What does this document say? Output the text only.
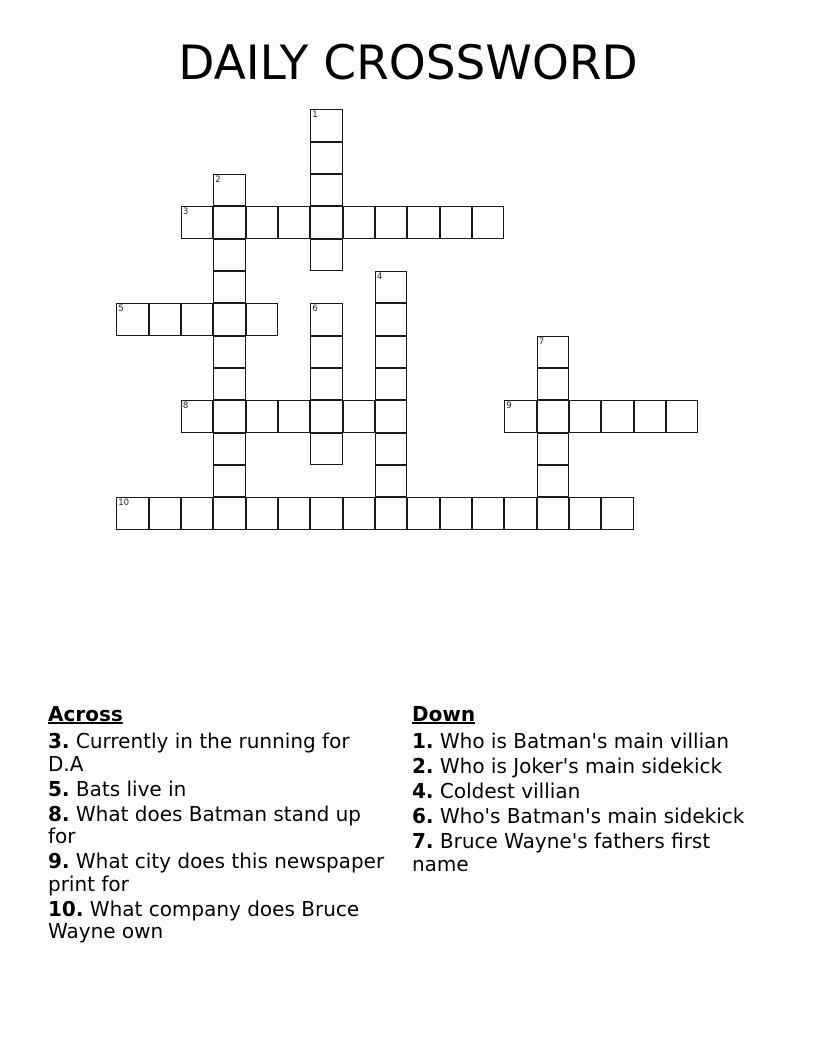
DAILY CROSSWORD
1
2
3
4
5	6
7
8	9
10
Across
3. Currently in the running for D.A
5. Bats live in
8. What does Batman stand up for
9. What city does this newspaper print for
10. What company does Bruce Wayne own
Down
1. Who is Batman's main villian
2. Who is Joker's main sidekick
4. Coldest villian
6. Who's Batman's main sidekick
7. Bruce Wayne's fathers first name
